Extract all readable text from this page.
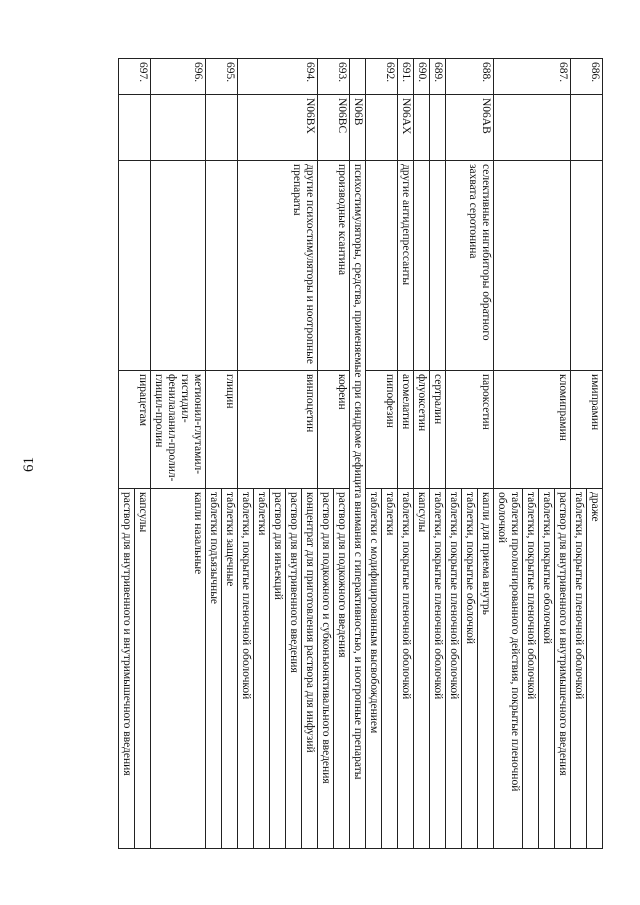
61
686.			имипрамин	драже
				таблетки, покрытые пленочной оболочкой
687.			кломипрамин	раствор для внутривенного и внутримышечного введения
				таблетки, покрытые оболочкой
				таблетки, покрытые пленочной оболочкой
				таблетки пролонгированного действия, покрытые пленочной оболочкой
688.	N06AB	селективные ингибиторы обратного захвата серотонина	пароксетин	капли для приема внутрь
				таблетки, покрытые оболочкой
				таблетки, покрытые пленочной оболочкой
689.			сертралин	таблетки, покрытые пленочной оболочкой
690.			флуоксетин	капсулы
691.	N06AX	другие антидепрессанты	агомелатин	таблетки, покрытые пленочной оболочкой
692.			пипофезин	таблетки
				таблетки с модифицированным высвобождением
	N06B	психостимуляторы, средства, применяемые при синдроме дефицита внимания с гиперактивностью, и ноотропные препараты		
693.	N06BC	производные ксантина	кофеин	раствор для подкожного введения
				раствор для подкожного и субконъюнктивального введения
694.	N06BX	другие психостимуляторы и ноотропные препараты	винпоцетин	концентрат для приготовления раствора для инфузий
				раствор для внутривенного введения
				раствор для инъекций
				таблетки
				таблетки, покрытые пленочной оболочкой
695.			глицин	таблетки защечные
				таблетки подъязычные
696.			метионил-глутамил-гистидил-фенилаланил-пролил-глицил-пролин	капли назальные
697.			пирацетам	капсулы
				раствор для внутривенного и внутримышечного введения
